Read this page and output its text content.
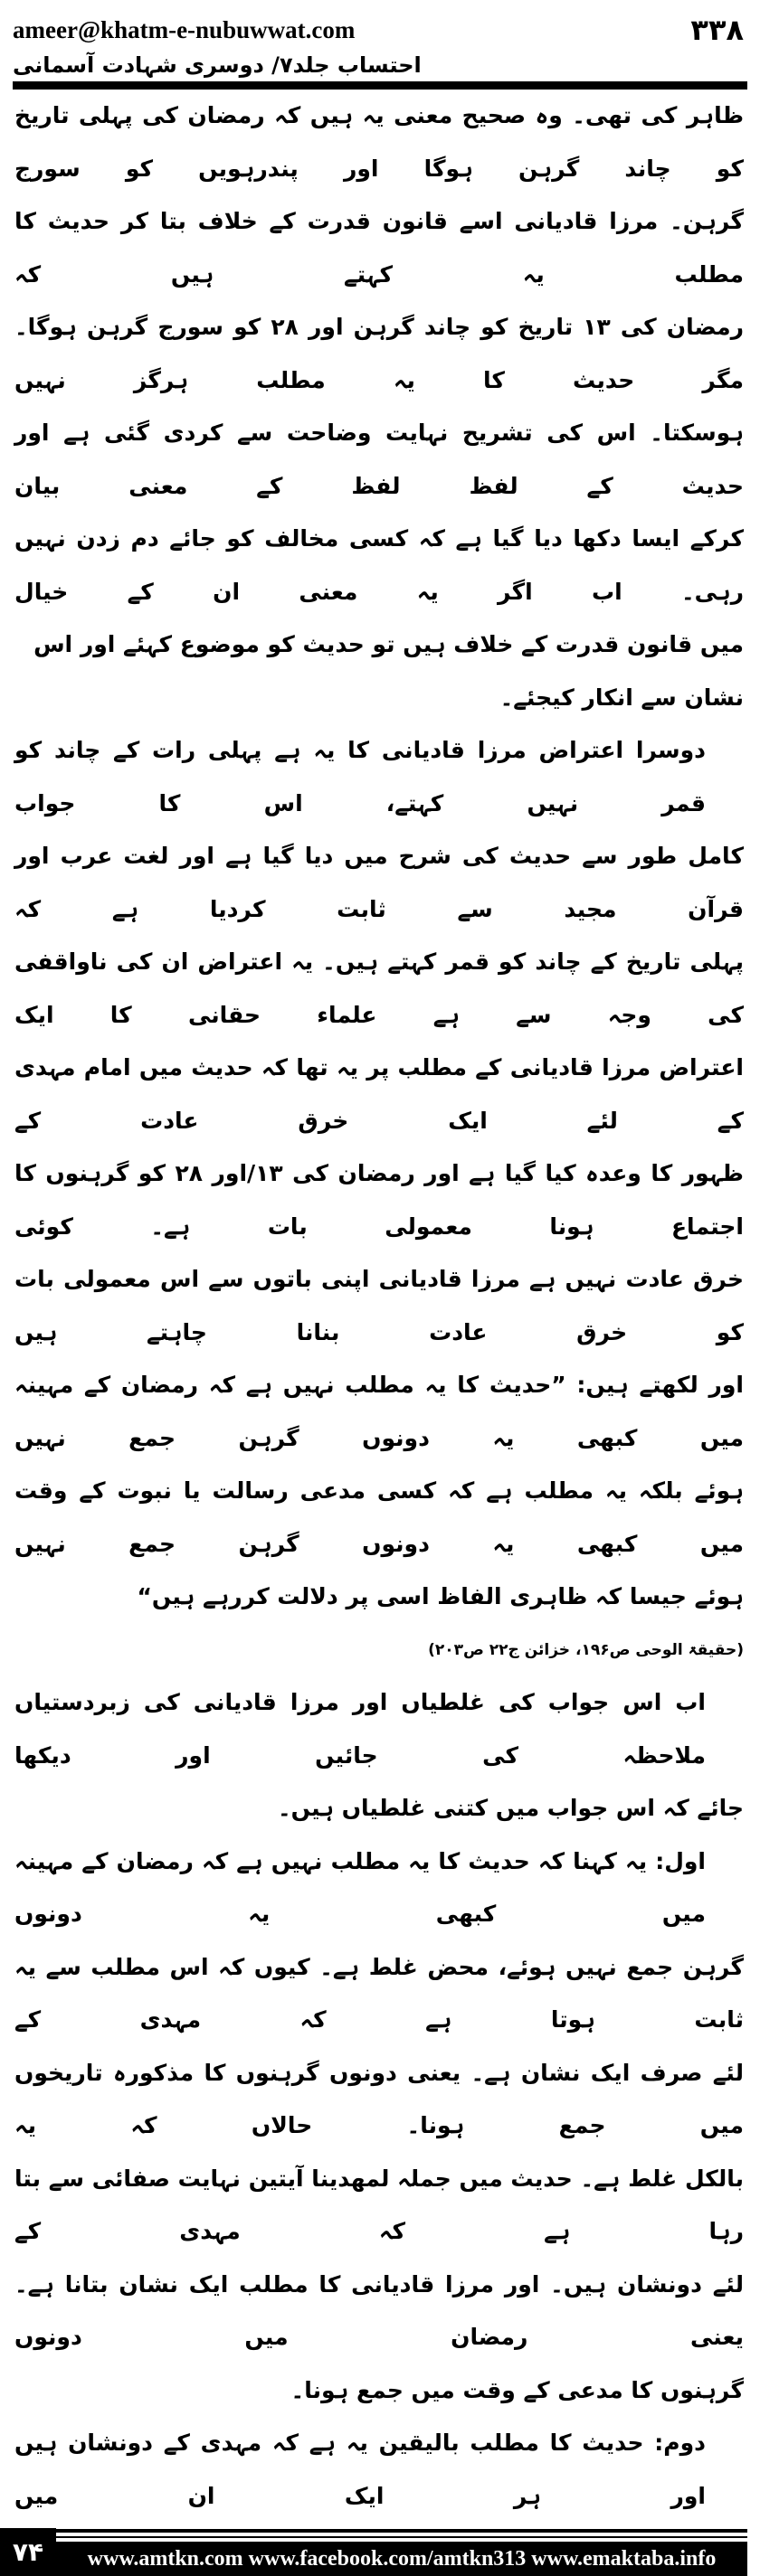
ameer@khatm-e-nubuwwat.com	۳۳۸
احتساب جلد۷/ دوسری شہادت آسمانی
ظاہر کی تھی۔ وہ صحیح معنی یہ ہیں کہ رمضان کی پہلی تاریخ کو چاند گرہن ہوگا اور پندرہویں کو سورج
گرہن۔ مرزا قادیانی اسے قانون قدرت کے خلاف بتا کر حدیث کا مطلب یہ کہتے ہیں کہ
رمضان کی ۱۳ تاریخ کو چاند گرہن اور ۲۸ کو سورج گرہن ہوگا۔ مگر حدیث کا یہ مطلب ہرگز نہیں
ہوسکتا۔ اس کی تشریح نہایت وضاحت سے کردی گئی ہے اور حدیث کے لفظ لفظ کے معنی بیان
کرکے ایسا دکھا دیا گیا ہے کہ کسی مخالف کو جائے دم زدن نہیں رہی۔ اب اگر یہ معنی ان کے خیال
میں قانون قدرت کے خلاف ہیں تو حدیث کو موضوع کہئے اور اس نشان سے انکار کیجئے۔
دوسرا اعتراض مرزا قادیانی کا یہ ہے پہلی رات کے چاند کو قمر نہیں کہتے، اس کا جواب
کامل طور سے حدیث کی شرح میں دیا گیا ہے اور لغت عرب اور قرآن مجید سے ثابت کردیا ہے کہ
پہلی تاریخ کے چاند کو قمر کہتے ہیں۔ یہ اعتراض ان کی ناواقفی کی وجہ سے ہے علماء حقانی کا ایک
اعتراض مرزا قادیانی کے مطلب پر یہ تھا کہ حدیث میں امام مہدی کے لئے ایک خرق عادت کے
ظہور کا وعدہ کیا گیا ہے اور رمضان کی ۱۳/اور ۲۸ کو گرہنوں کا اجتماع ہونا معمولی بات ہے۔ کوئی
خرق عادت نہیں ہے مرزا قادیانی اپنی باتوں سے اس معمولی بات کو خرق عادت بنانا چاہتے ہیں
اور لکھتے ہیں: ”حدیث کا یہ مطلب نہیں ہے کہ رمضان کے مہینہ میں کبھی یہ دونوں گرہن جمع نہیں
ہوئے بلکہ یہ مطلب ہے کہ کسی مدعی رسالت یا نبوت کے وقت میں کبھی یہ دونوں گرہن جمع نہیں
ہوئے جیسا کہ ظاہری الفاظ اسی پر دلالت کررہے ہیں“
(حقیقۃ الوحی ص۱۹۶، خزائن ج۲۲ ص۲۰۳)
اب اس جواب کی غلطیاں اور مرزا قادیانی کی زبردستیاں ملاحظہ کی جائیں اور دیکھا
جائے کہ اس جواب میں کتنی غلطیاں ہیں۔
اول: یہ کہنا کہ حدیث کا یہ مطلب نہیں ہے کہ رمضان کے مہینہ میں کبھی یہ دونوں
گرہن جمع نہیں ہوئے، محض غلط ہے۔ کیوں کہ اس مطلب سے یہ ثابت ہوتا ہے کہ مہدی کے
لئے صرف ایک نشان ہے۔ یعنی دونوں گرہنوں کا مذکورہ تاریخوں میں جمع ہونا۔ حالاں کہ یہ
بالکل غلط ہے۔ حدیث میں جملہ لمھدینا آیتین نہایت صفائی سے بتا رہا ہے کہ مہدی کے
لئے دونشان ہیں۔ اور مرزا قادیانی کا مطلب ایک نشان بتانا ہے۔ یعنی رمضان میں دونوں
گرہنوں کا مدعی کے وقت میں جمع ہونا۔
دوم: حدیث کا مطلب بالیقین یہ ہے کہ مہدی کے دونشان ہیں اور ہر ایک ان میں
۷۴	www.amtkn.com www.facebook.com/amtkn313 www.emaktaba.info
